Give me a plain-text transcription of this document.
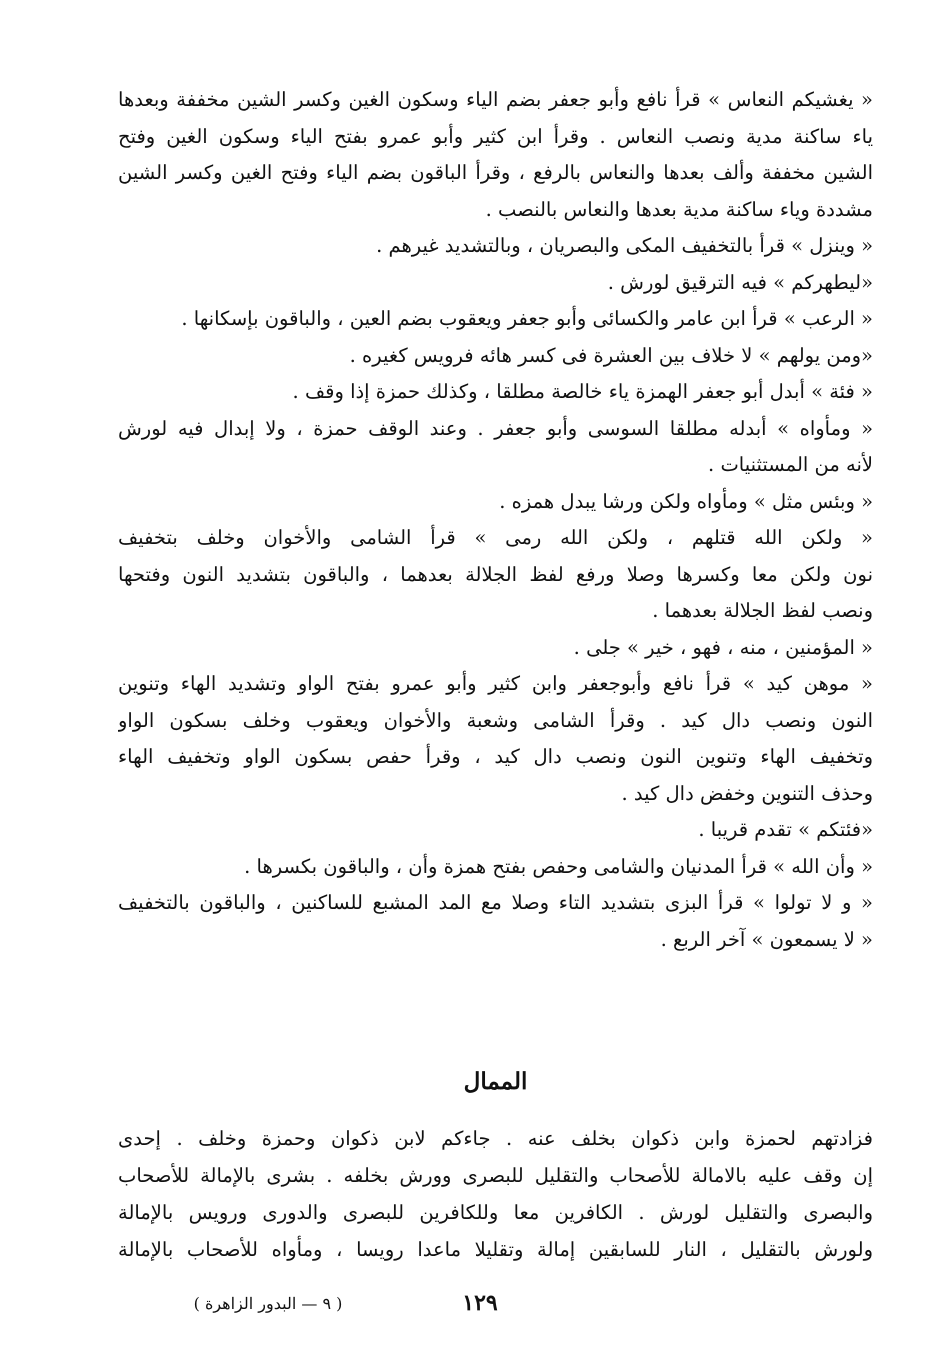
« يغشيكم النعاس » قرأ نافع وأبو جعفر بضم الياء وسكون الغين وكسر الشين مخففة وبعدها
ياء ساكنة مدية ونصب النعاس . وقرأ ابن كثير وأبو عمرو بفتح الياء وسكون الغين وفتح
الشين مخففة وألف بعدها والنعاس بالرفع ، وقرأ الباقون بضم الياء وفتح الغين وكسر الشين
مشددة وياء ساكنة مدية بعدها والنعاس بالنصب .
« وينزل » قرأ بالتخفيف المكى والبصريان ، وبالتشديد غيرهم .
«ليطهركم » فيه الترقيق لورش .
« الرعب » قرأ ابن عامر والكسائى وأبو جعفر ويعقوب بضم العين ، والباقون بإسكانها .
«ومن يولهم » لا خلاف بين العشرة فى كسر هائه فرويس كغيره .
« فئة » أبدل أبو جعفر الهمزة ياء خالصة مطلقا ، وكذلك حمزة إذا وقف .
« ومأواه » أبدله مطلقا السوسى وأبو جعفر . وعند الوقف حمزة ، ولا إبدال فيه لورش
لأنه من المستثنيات .
« وبئس مثل » ومأواه ولكن ورشا يبدل همزه .
« ولكن الله قتلهم ، ولكن الله رمى » قرأ الشامى والأخوان وخلف بتخفيف
نون ولكن معا وكسرها وصلا ورفع لفظ الجلالة بعدهما ، والباقون بتشديد النون وفتحها
ونصب لفظ الجلالة بعدهما .
« المؤمنين ، منه ، فهو ، خير » جلى .
« موهن كيد » قرأ نافع وأبوجعفر وابن كثير وأبو عمرو بفتح الواو وتشديد الهاء وتنوين
النون ونصب دال كيد . وقرأ الشامى وشعبة والأخوان ويعقوب وخلف بسكون الواو
وتخفيف الهاء وتنوين النون ونصب دال كيد ، وقرأ حفص بسكون الواو وتخفيف الهاء
وحذف التنوين وخفض دال كيد .
«فئتكم » تقدم قريبا .
« وأن الله » قرأ المدنيان والشامى وحفص بفتح همزة وأن ، والباقون بكسرها .
« و لا تولوا » قرأ البزى بتشديد التاء وصلا مع المد المشبع للساكنين ، والباقون بالتخفيف
« لا يسمعون » آخر الربع .
الممال
فزادتهم لحمزة وابن ذكوان بخلف عنه . جاءكم لابن ذكوان وحمزة وخلف . إحدى
إن وقف عليه بالامالة للأصحاب والتقليل للبصرى وورش بخلفه . بشرى بالإمالة للأصحاب
والبصرى والتقليل لورش . الكافرين معا وللكافرين للبصرى والدورى ورويس بالإمالة
ولورش بالتقليل ، النار للسابقين إمالة وتقليلا ماعدا رويسا ، ومأواه للأصحاب بالإمالة
١٢٩
( ٩ — البدور الزاهرة )
